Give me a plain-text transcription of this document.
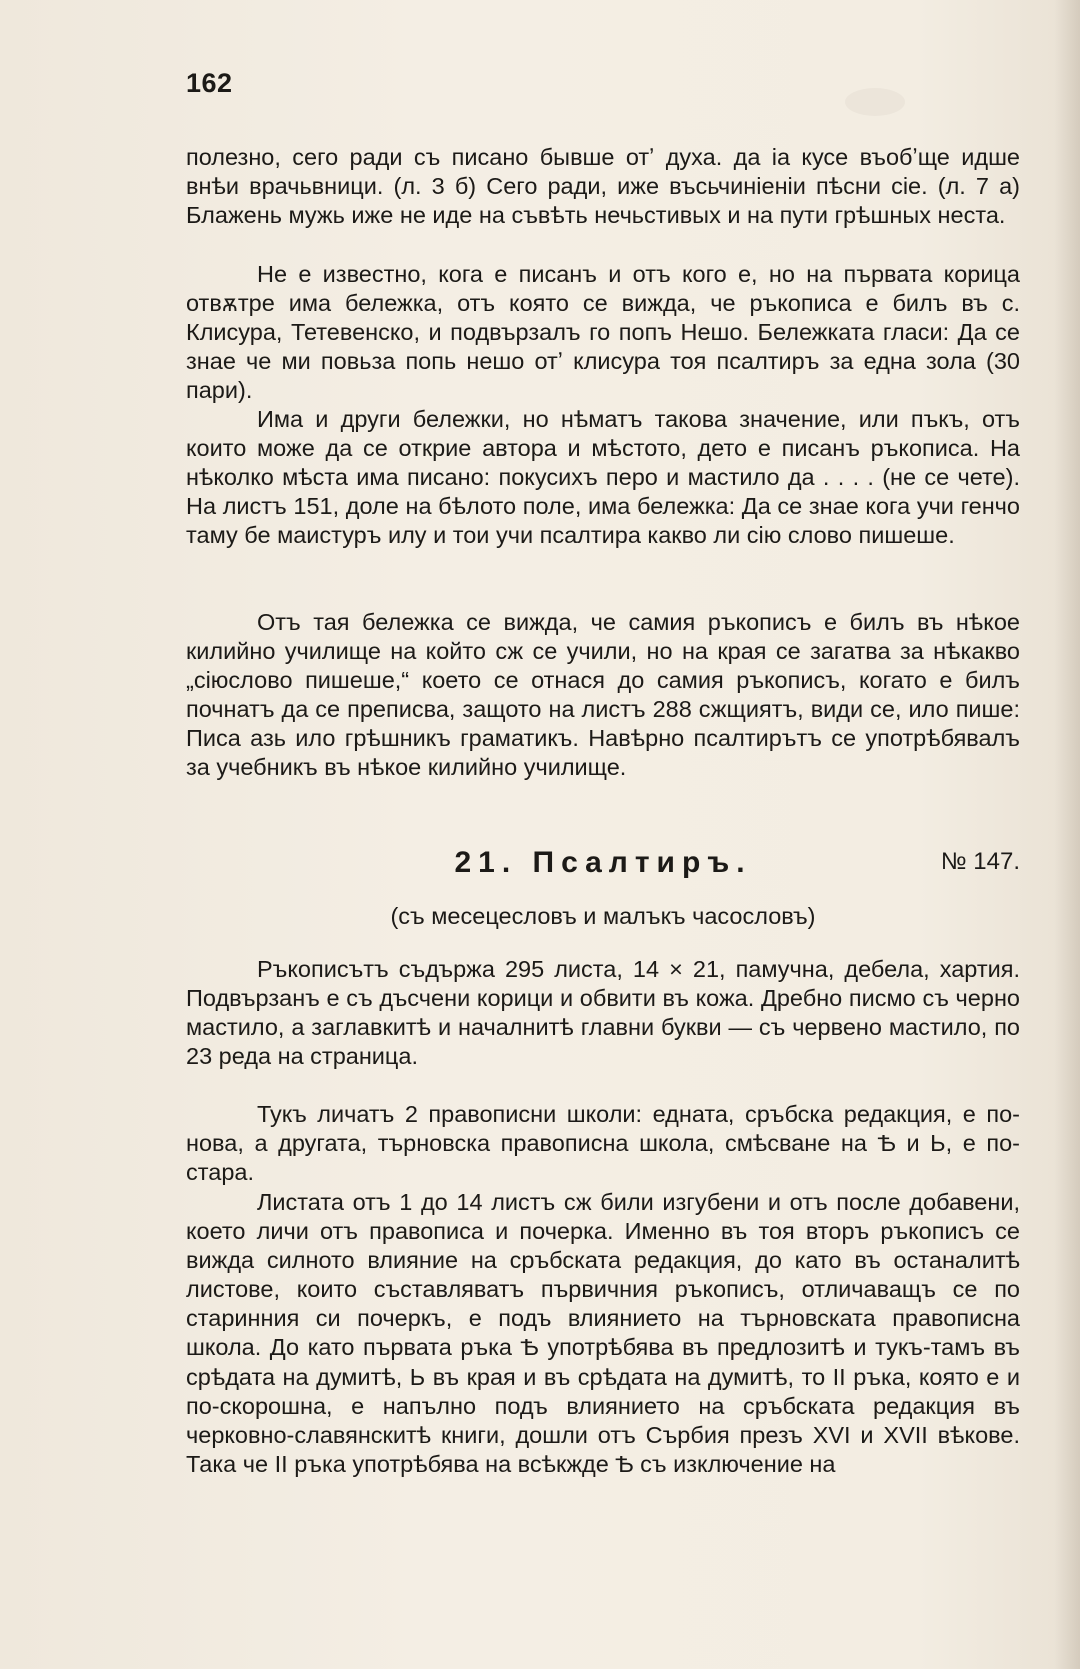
162

полезно, сего ради съ писано бывше отʼ духа. да іа кусе въобʼще идше внѣи врачьвници. (л. 3 б) Сего ради, иже въсьчиніеніи пѣсни сіе. (л. 7 а) Блажень мужь иже не иде на съвѣть нечьстивых и на пути грѣшных неста.

Не е известно, кога е писанъ и отъ кого е, но на първата корица отвѫтре има бележка, отъ която се вижда, че ръкописа е билъ въ с. Клисура, Тетевенско, и подвързалъ го попъ Нешо. Бележката гласи: Да се знае че ми повьза попь нешо отʼ клисура тоя псалтиръ за една зола (30 пари).

Има и други бележки, но нѣматъ такова значение, или пъкъ, отъ които може да се открие автора и мѣстото, дето е писанъ ръкописа. На нѣколко мѣста има писано: покусихъ перо и мастило да . . . . (не се чете). На листъ 151, доле на бѣлото поле, има бележка: Да се знае кога учи генчо таму бе маистуръ илу и тои учи псалтира какво ли сію слово пишеше.

Отъ тая бележка се вижда, че самия ръкописъ е билъ въ нѣкое килийно училище на който сж се учили, но на края се загатва за нѣкакво „сіюслово пишеше,“ което се отнася до самия ръкописъ, когато е билъ почнатъ да се преписва, защото на листъ 288 сжщиятъ, види се, ило пише: Писа азь ило грѣшникъ граматикъ. Навѣрно псалтирътъ се употрѣбявалъ за учебникъ въ нѣкое килийно училище.

21. Псалтиръ.	№ 147.
(съ месецесловъ и малъкъ часословъ)

Ръкописътъ съдържа 295 листа, 14 × 21, памучна, дебела, хартия. Подвързанъ е съ дъсчени корици и обвити въ кожа. Дребно писмо съ черно мастило, а заглавкитѣ и началнитѣ главни букви — съ червено мастило, по 23 реда на страница.

Тукъ личатъ 2 правописни школи: едната, сръбска редакция, е по-нова, а другата, търновска правописна школа, смѣсване на Ѣ и Ь, е по-стара.

Листата отъ 1 до 14 листъ сж били изгубени и отъ после добавени, което личи отъ правописа и почерка. Именно въ тоя вторъ ръкописъ се вижда силното влияние на сръбската редакция, до като въ останалитѣ листове, които съставляватъ първичния ръкописъ, отличаващъ се по старинния си почеркъ, е подъ влиянието на търновската правописна школа. До като първата ръка Ѣ употрѣбява въ предлозитѣ и тукъ-тамъ въ срѣдата на думитѣ, Ь въ края и въ срѣдата на думитѣ, то II ръка, която е и по-скорошна, е напълно подъ влиянието на сръбската редакция въ черковно-славянскитѣ книги, дошли отъ Сърбия презъ XVI и XVII вѣкове. Така че II ръка употрѣбява на всѣкжде Ѣ съ изключение на
